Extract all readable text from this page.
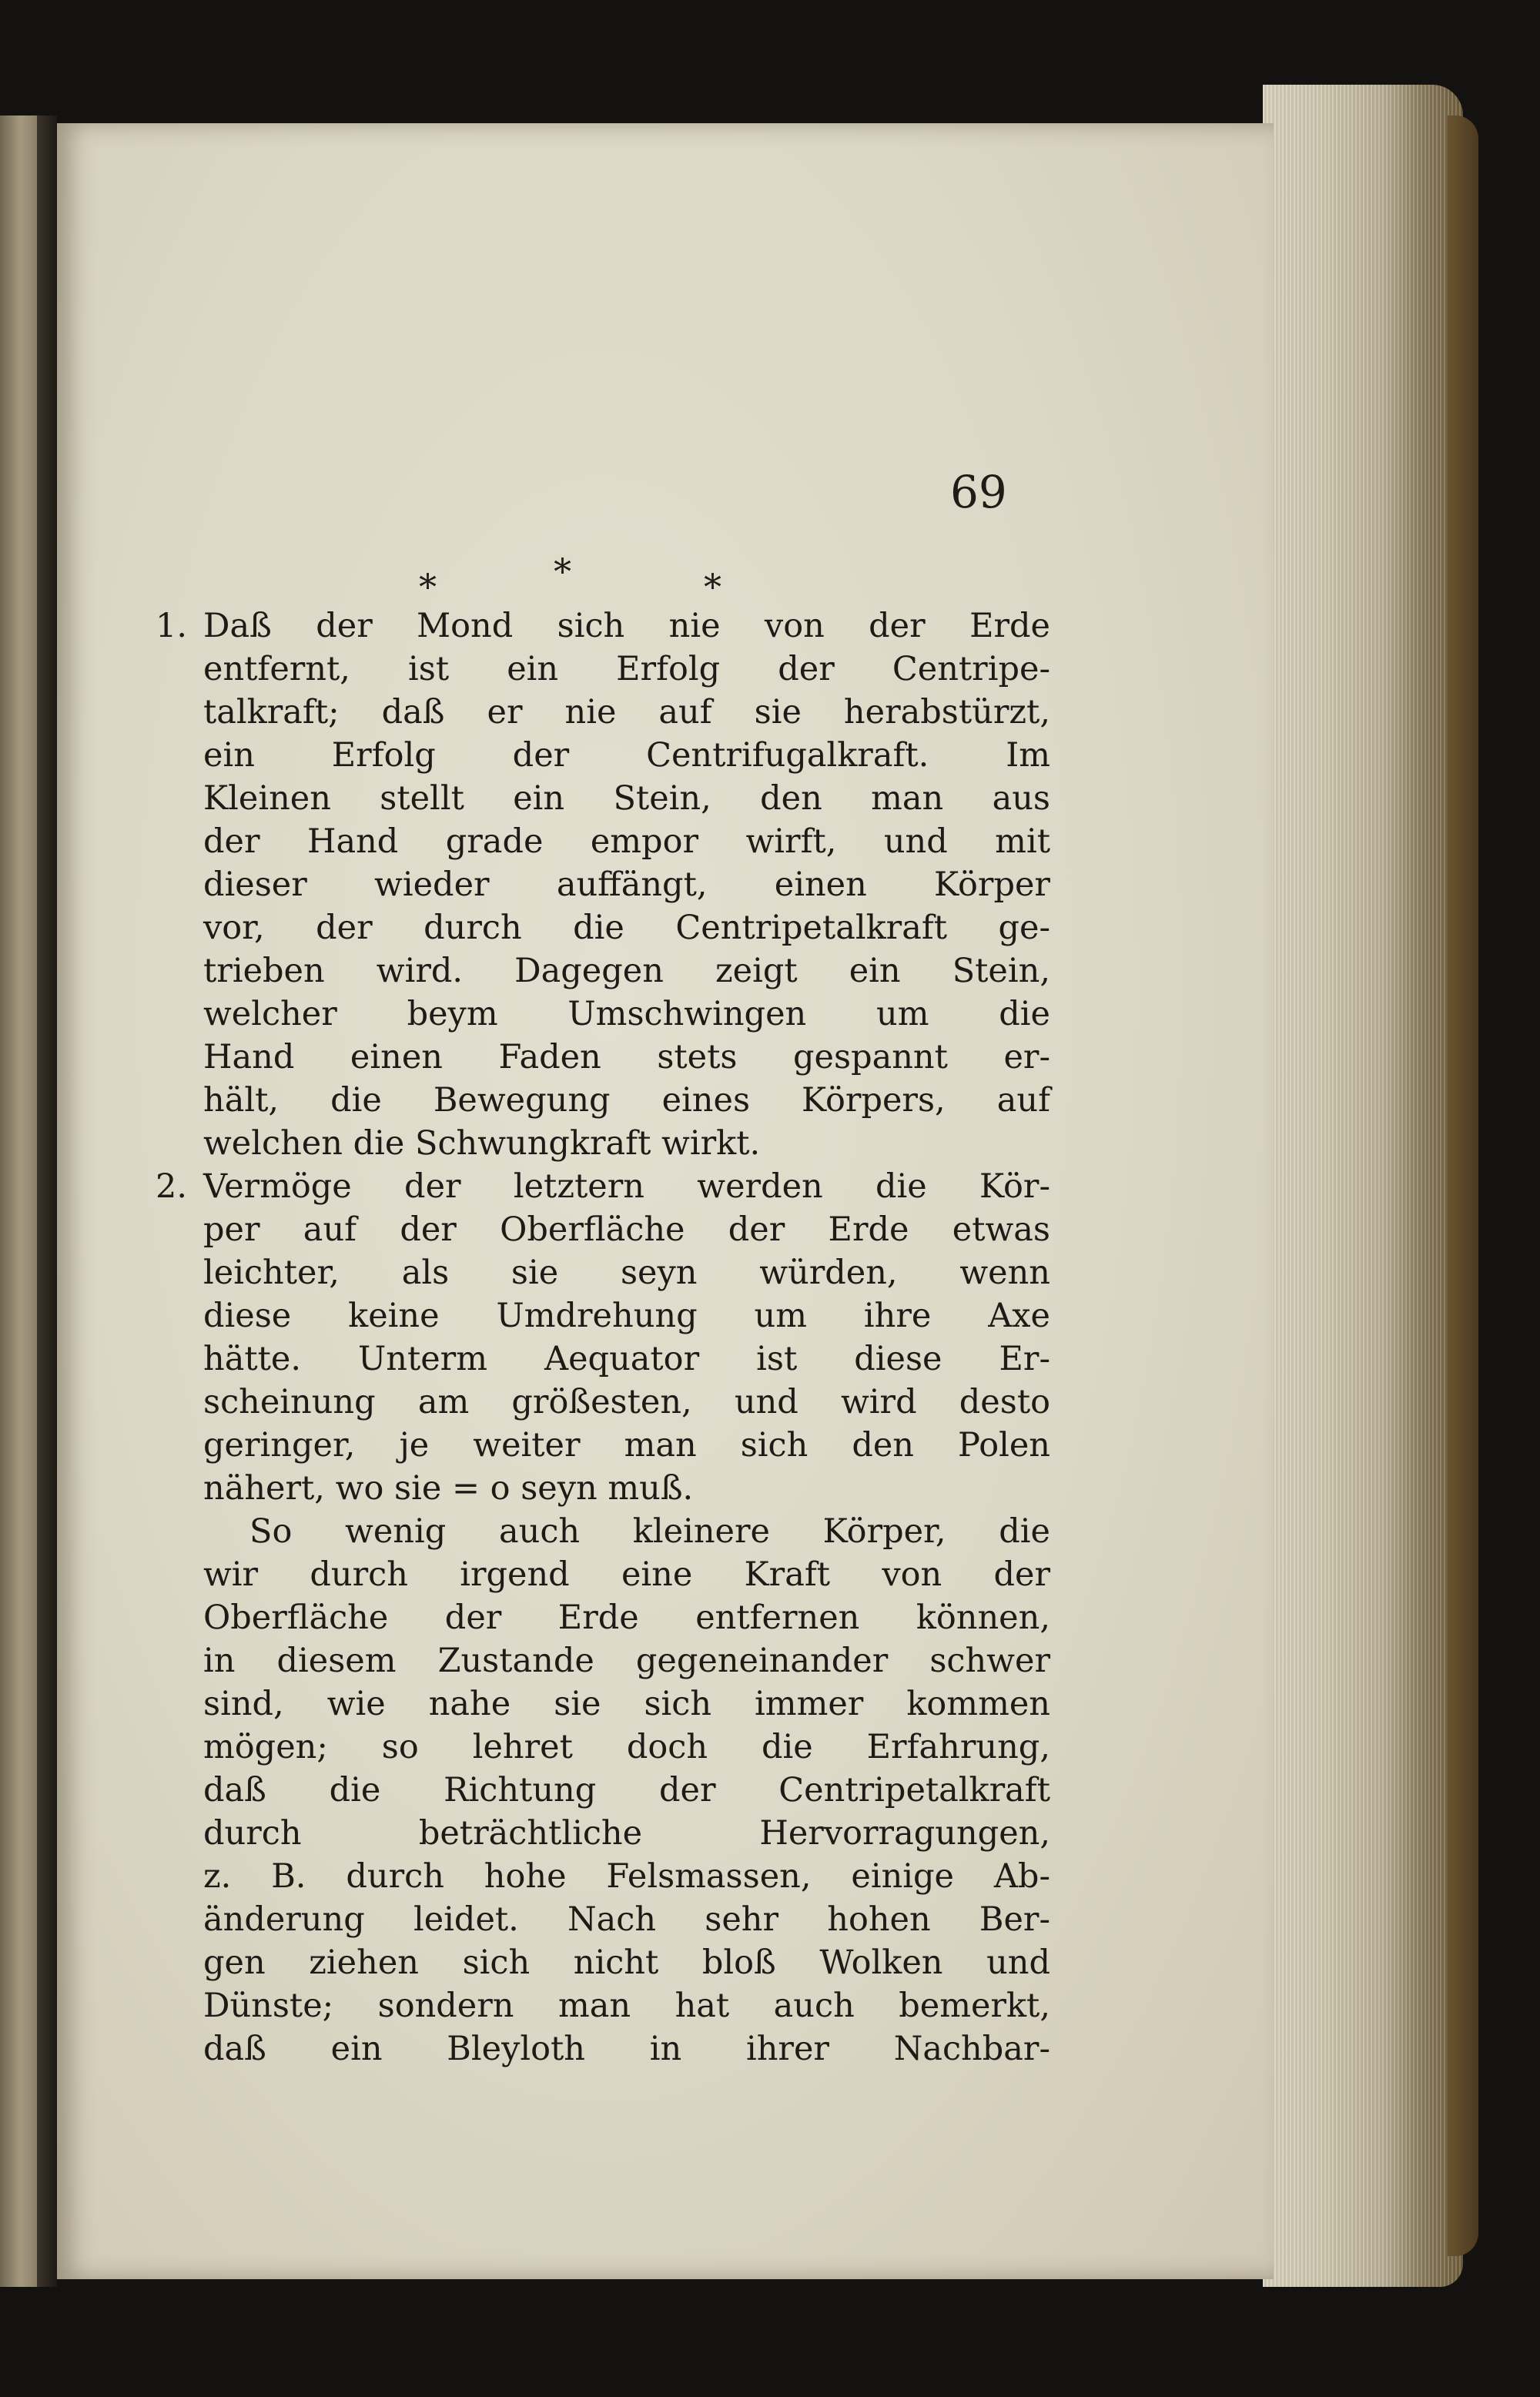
69
*	*	*
1. Daß der Mond sich nie von der Erde
entfernt, ist ein Erfolg der Centripe-
talkraft; daß er nie auf sie herabstürzt,
ein Erfolg der Centrifugalkraft. Im
Kleinen stellt ein Stein, den man aus
der Hand grade empor wirft, und mit
dieser wieder auffängt, einen Körper
vor, der durch die Centripetalkraft ge-
trieben wird. Dagegen zeigt ein Stein,
welcher beym Umschwingen um die
Hand einen Faden stets gespannt er-
hält, die Bewegung eines Körpers, auf
welchen die Schwungkraft wirkt.
2. Vermöge der letztern werden die Kör-
per auf der Oberfläche der Erde etwas
leichter, als sie seyn würden, wenn
diese keine Umdrehung um ihre Axe
hätte. Unterm Aequator ist diese Er-
scheinung am größesten, und wird desto
geringer, je weiter man sich den Polen
nähert, wo sie = o seyn muß.
So wenig auch kleinere Körper, die
wir durch irgend eine Kraft von der
Oberfläche der Erde entfernen können,
in diesem Zustande gegeneinander schwer
sind, wie nahe sie sich immer kommen
mögen; so lehret doch die Erfahrung,
daß die Richtung der Centripetalkraft
durch beträchtliche Hervorragungen,
z. B. durch hohe Felsmassen, einige Ab-
änderung leidet. Nach sehr hohen Ber-
gen ziehen sich nicht bloß Wolken und
Dünste; sondern man hat auch bemerkt,
daß ein Bleyloth in ihrer Nachbar-
